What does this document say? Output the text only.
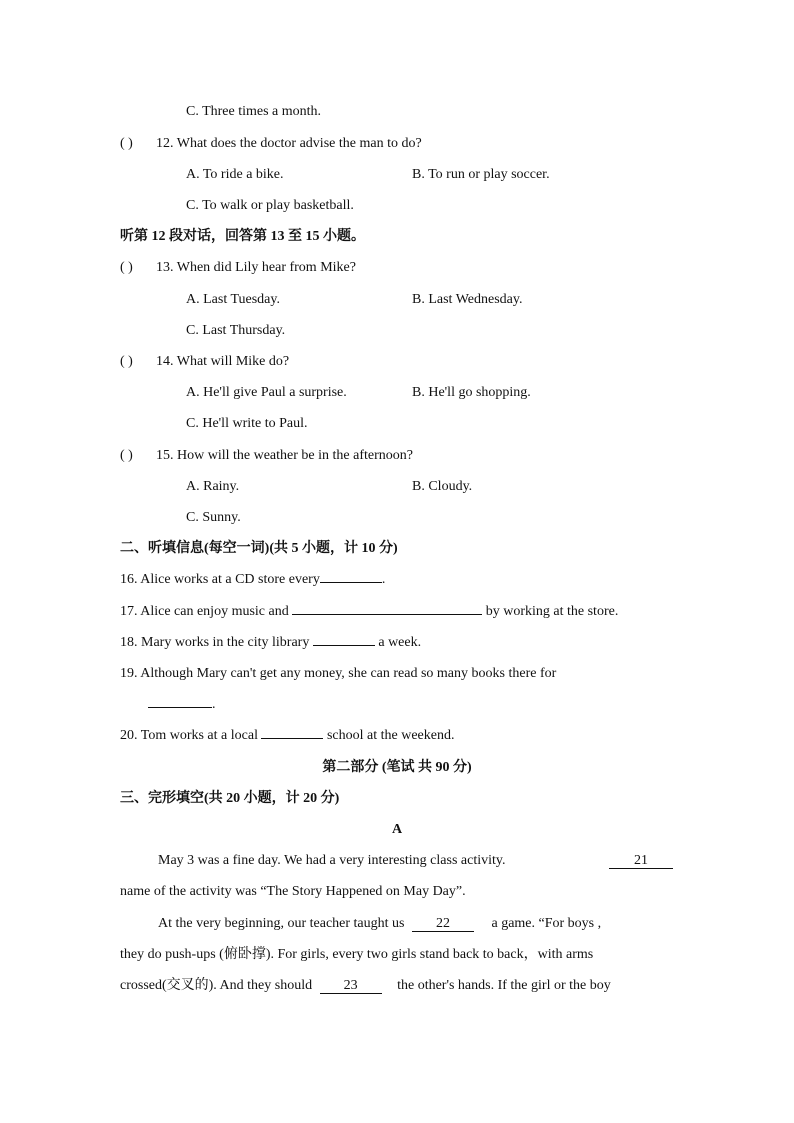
C. Three times a month.
( ) 12. What does the doctor advise the man to do?
A. To ride a bike.	B. To run or play soccer.
C. To walk or play basketball.
听第 12 段对话，回答第 13 至 15 小题。
( ) 13. When did Lily hear from Mike?
A. Last Tuesday.	B. Last Wednesday.
C. Last Thursday.
( ) 14. What will Mike do?
A. He'll give Paul a surprise.	B. He'll go shopping.
C. He'll write to Paul.
( ) 15. How will the weather be in the afternoon?
A. Rainy.	B. Cloudy.
C. Sunny.
二、听填信息(每空一词)(共 5 小题，计 10 分)
16. Alice works at a CD store every	.
17. Alice can enjoy music and	by working at the store.
18. Mary works in the city library	a week.
19. Although Mary can't get any money, she can read so many books there for
.
20. Tom works at a local	school at the weekend.
第二部分 (笔试 共 90 分)
三、完形填空(共 20 小题，计 20 分)
A
May 3 was a fine day. We had a very interesting class activity.	21
name of the activity was “The Story Happened on May Day”.
At the very beginning, our teacher taught us 22	a game. “For boys ,
they do push-ups (俯卧撑). For girls, every two girls stand back to back，with arms
crossed(交叉的). And they should 23	the other's hands. If the girl or the boy
